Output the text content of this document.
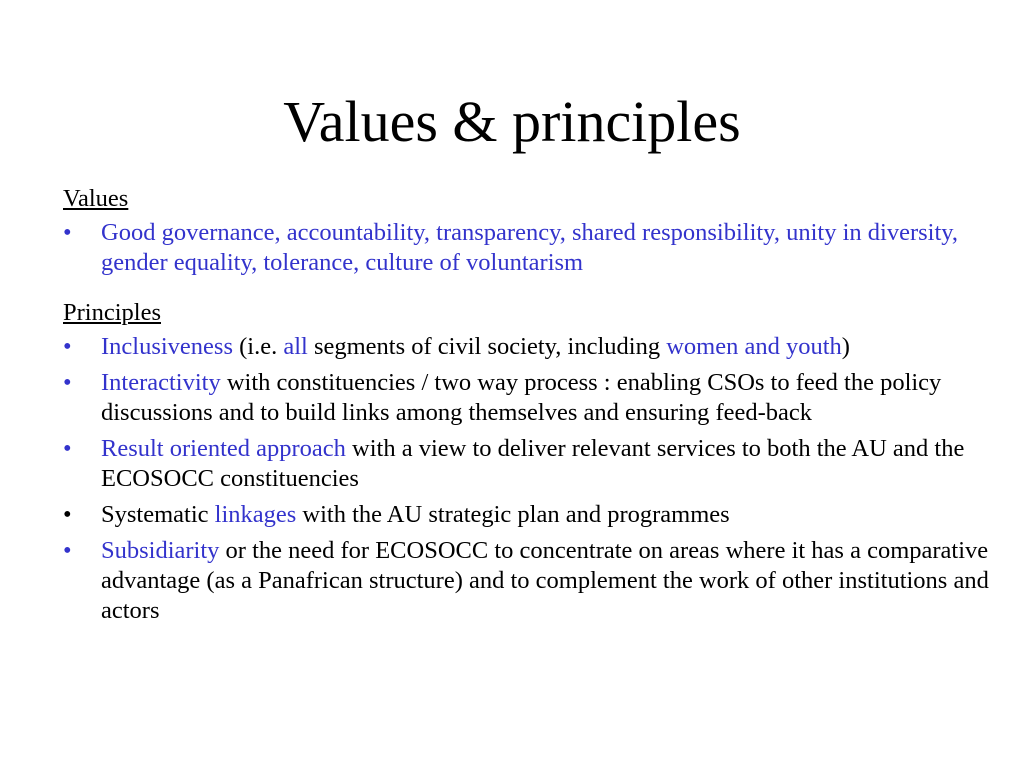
Values & principles

Values

•	Good governance, accountability, transparency, shared responsibility, unity in diversity, gender equality, tolerance, culture of voluntarism

Principles

•	Inclusiveness (i.e. all segments of civil society, including women and youth)
•	Interactivity with constituencies / two way process : enabling CSOs to feed the policy discussions and to build links among themselves and ensuring feed-back
•	Result oriented approach with a view to deliver relevant services to both the AU and the ECOSOCC constituencies
•	Systematic linkages with the AU strategic plan and programmes
•	Subsidiarity or the need for ECOSOCC to concentrate on areas where it has a comparative advantage (as a Panafrican structure) and to complement the work of other institutions and actors
